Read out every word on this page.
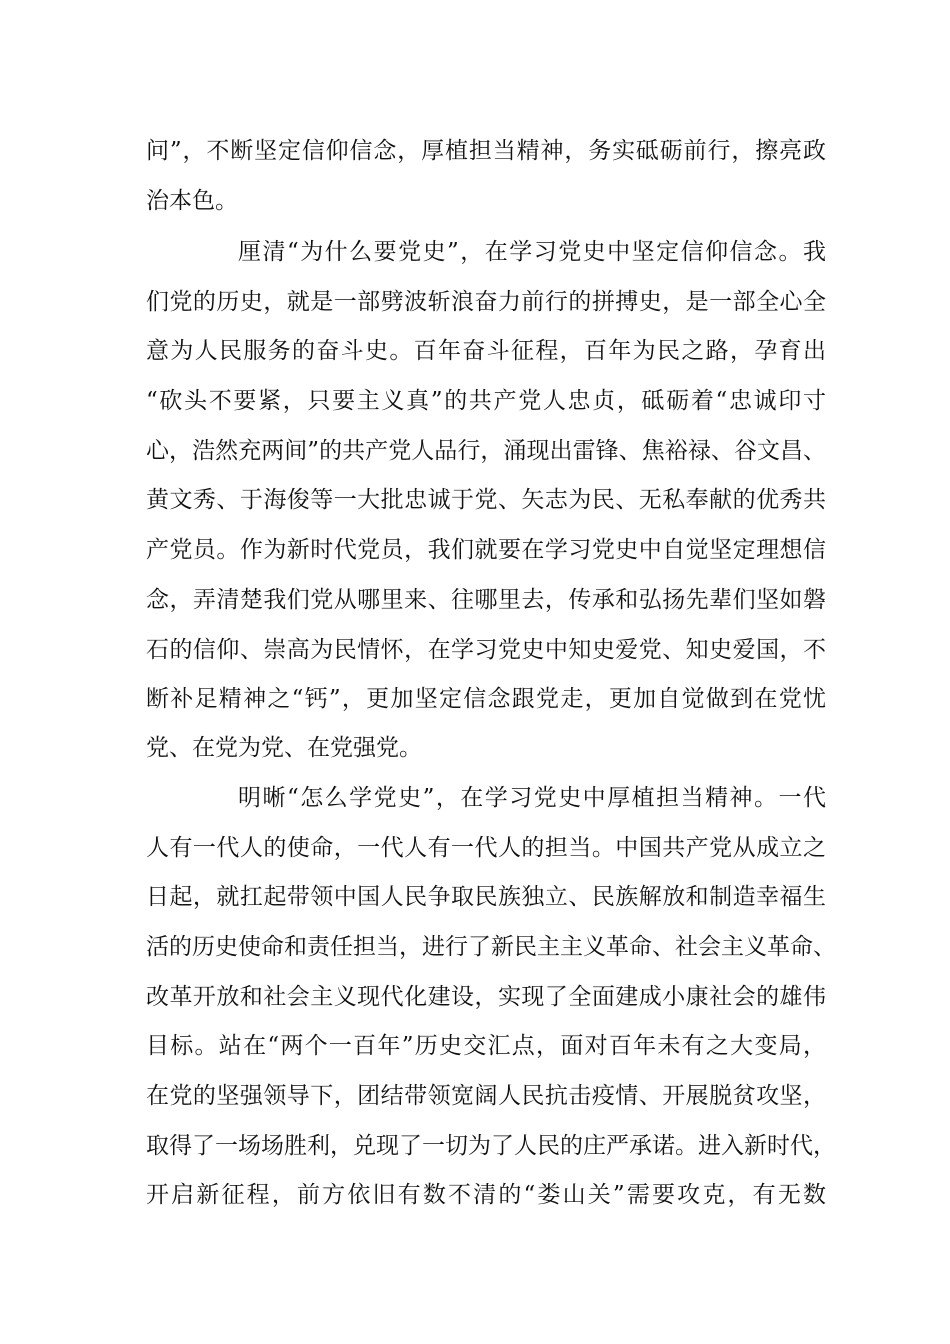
问”，不断坚定信仰信念，厚植担当精神，务实砥砺前行，擦亮政

治本色。

厘清“为什么要党史”，在学习党史中坚定信仰信念。我

们党的历史，就是一部劈波斩浪奋力前行的拼搏史，是一部全心全

意为人民服务的奋斗史。百年奋斗征程，百年为民之路，孕育出

“砍头不要紧，只要主义真”的共产党人忠贞，砥砺着“忠诚印寸

心，浩然充两间”的共产党人品行，涌现出雷锋、焦裕禄、谷文昌、

黄文秀、于海俊等一大批忠诚于党、矢志为民、无私奉献的优秀共

产党员。作为新时代党员，我们就要在学习党史中自觉坚定理想信

念，弄清楚我们党从哪里来、往哪里去，传承和弘扬先辈们坚如磐

石的信仰、崇高为民情怀，在学习党史中知史爱党、知史爱国，不

断补足精神之“钙”，更加坚定信念跟党走，更加自觉做到在党忧

党、在党为党、在党强党。

明晰“怎么学党史”，在学习党史中厚植担当精神。一代

人有一代人的使命，一代人有一代人的担当。中国共产党从成立之

日起，就扛起带领中国人民争取民族独立、民族解放和制造幸福生

活的历史使命和责任担当，进行了新民主主义革命、社会主义革命、

改革开放和社会主义现代化建设，实现了全面建成小康社会的雄伟

目标。站在“两个一百年”历史交汇点，面对百年未有之大变局，

在党的坚强领导下，团结带领宽阔人民抗击疫情、开展脱贫攻坚，

取得了一场场胜利，兑现了一切为了人民的庄严承诺。进入新时代，

开启新征程，前方依旧有数不清的“娄山关”需要攻克，有无数
